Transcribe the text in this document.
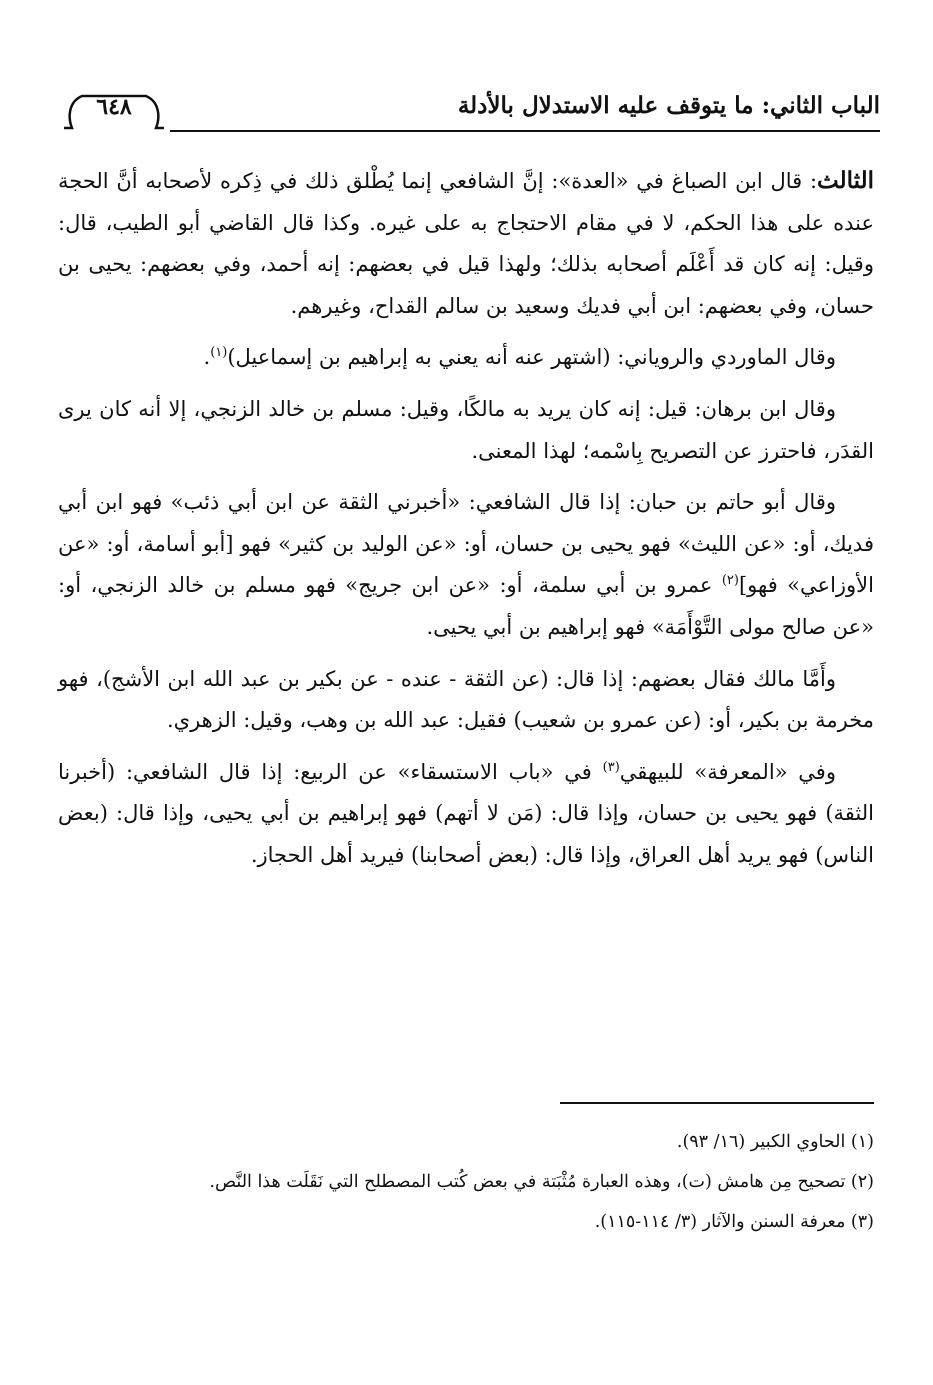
الباب الثاني: ما يتوقف عليه الاستدلال بالأدلة
٦٤٨

الثالث: قال ابن الصباغ في «العدة»: إنَّ الشافعي إنما يُطْلق ذلك في ذِكره لأصحابه أنَّ الحجة عنده على هذا الحكم، لا في مقام الاحتجاج به على غيره. وكذا قال القاضي أبو الطيب، قال: وقيل: إنه كان قد أَعْلَم أصحابه بذلك؛ ولهذا قيل في بعضهم: إنه أحمد، وفي بعضهم: يحيى بن حسان، وفي بعضهم: ابن أبي فديك وسعيد بن سالم القداح، وغيرهم.

وقال الماوردي والروياني: (اشتهر عنه أنه يعني به إبراهيم بن إسماعيل)$^{(١)}$.

وقال ابن برهان: قيل: إنه كان يريد به مالكًا، وقيل: مسلم بن خالد الزنجي، إلا أنه كان يرى القدَر، فاحترز عن التصريح بِاسْمه؛ لهذا المعنى.

وقال أبو حاتم بن حبان: إذا قال الشافعي: «أخبرني الثقة عن ابن أبي ذئب» فهو ابن أبي فديك، أو: «عن الليث» فهو يحيى بن حسان، أو: «عن الوليد بن كثير» فهو [أبو أسامة، أو: «عن الأوزاعي» فهو]$^{(٢)}$ عمرو بن أبي سلمة، أو: «عن ابن جريج» فهو مسلم بن خالد الزنجي، أو: «عن صالح مولى التَّوْأَمَة» فهو إبراهيم بن أبي يحيى.

وأَمَّا مالك فقال بعضهم: إذا قال: (عن الثقة - عنده - عن بكير بن عبد الله ابن الأشج)، فهو مخرمة بن بكير، أو: (عن عمرو بن شعيب) فقيل: عبد الله بن وهب، وقيل: الزهري.

وفي «المعرفة» للبيهقي$^{(٣)}$ في «باب الاستسقاء» عن الربيع: إذا قال الشافعي: (أخبرنا الثقة) فهو يحيى بن حسان، وإذا قال: (مَن لا أتهم) فهو إبراهيم بن أبي يحيى، وإذا قال: (بعض الناس) فهو يريد أهل العراق، وإذا قال: (بعض أصحابنا) فيريد أهل الحجاز.

(١) الحاوي الكبير (١٦/ ٩٣).

(٢) تصحيح مِن هامش (ت)، وهذه العبارة مُثْبَتة في بعض كُتب المصطلح التي نَقَلَت هذا النَّص.

(٣) معرفة السنن والآثار (٣/ ١١٤-١١٥).
